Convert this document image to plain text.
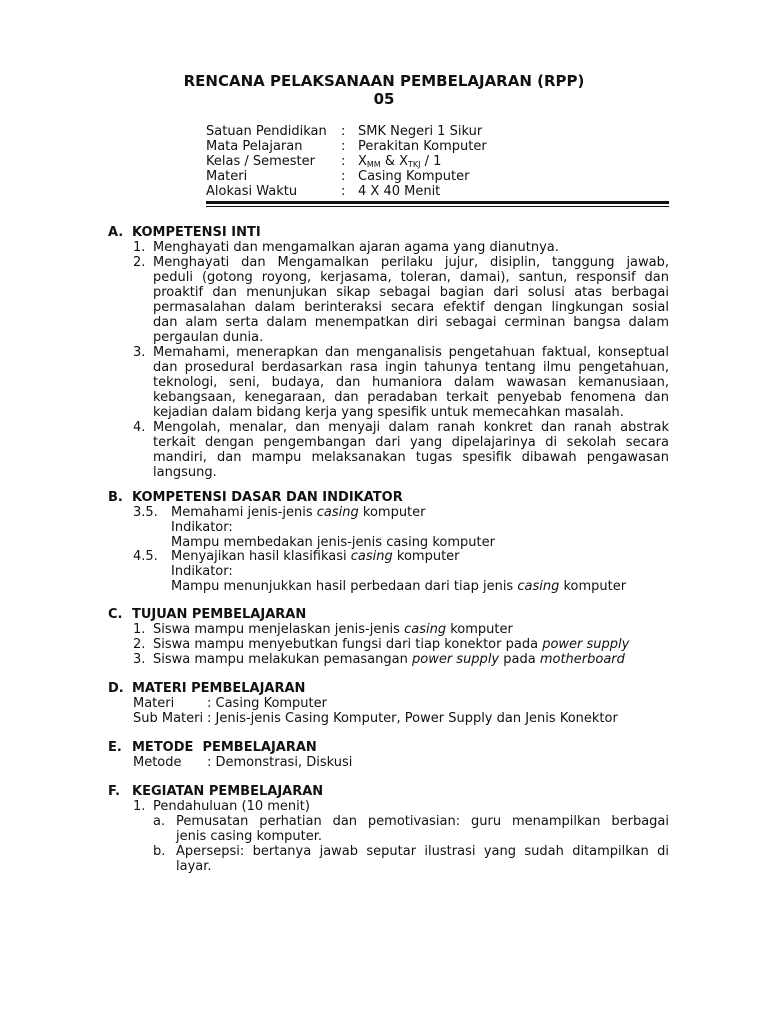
RENCANA PELAKSANAAN PEMBELAJARAN (RPP)
05
Satuan Pendidikan : SMK Negeri 1 Sikur
Mata Pelajaran	: Perakitan Komputer
Kelas / Semester : $X_{MM}$ & $X_{TKJ} / 1$
Materi	: Casing Komputer
Alokasi Waktu	: 4 X 40 Menit
A. KOMPETENSI INTI
1. Menghayati dan mengamalkan ajaran agama yang dianutnya.
2. Menghayati dan Mengamalkan perilaku jujur, disiplin, tanggung jawab,
peduli (gotong royong, kerjasama, toleran, damai), santun, responsif dan
proaktif dan menunjukan sikap sebagai bagian dari solusi atas berbagai
permasalahan dalam berinteraksi secara efektif dengan lingkungan sosial
dan alam serta dalam menempatkan diri sebagai cerminan bangsa dalam
pergaulan dunia.
3. Memahami, menerapkan dan menganalisis pengetahuan faktual, konseptual
dan prosedural berdasarkan rasa ingin tahunya tentang ilmu pengetahuan,
teknologi, seni, budaya, dan humaniora dalam wawasan kemanusiaan,
kebangsaan, kenegaraan, dan peradaban terkait penyebab fenomena dan
kejadian dalam bidang kerja yang spesifik untuk memecahkan masalah.
4. Mengolah, menalar, dan menyaji dalam ranah konkret dan ranah abstrak
terkait dengan pengembangan dari yang dipelajarinya di sekolah secara
mandiri, dan mampu melaksanakan tugas spesifik dibawah pengawasan
langsung.
B. KOMPETENSI DASAR DAN INDIKATOR
3.5. Memahami jenis-jenis casing komputer
Indikator:
Mampu membedakan jenis-jenis casing komputer
4.5. Menyajikan hasil klasifikasi casing komputer
Indikator:
Mampu menunjukkan hasil perbedaan dari tiap jenis casing komputer
C. TUJUAN PEMBELAJARAN
1. Siswa mampu menjelaskan jenis-jenis casing komputer
2. Siswa mampu menyebutkan fungsi dari tiap konektor pada power supply
3. Siswa mampu melakukan pemasangan power supply pada motherboard
D. MATERI PEMBELAJARAN
Materi	: Casing Komputer
Sub Materi : Jenis-jenis Casing Komputer, Power Supply dan Jenis Konektor
E. METODE  PEMBELAJARAN
Metode : Demonstrasi, Diskusi
F. KEGIATAN PEMBELAJARAN
1. Pendahuluan (10 menit)
a. Pemusatan perhatian dan pemotivasian: guru menampilkan berbagai
jenis casing komputer.
b. Apersepsi: bertanya jawab seputar ilustrasi yang sudah ditampilkan di
layar.
